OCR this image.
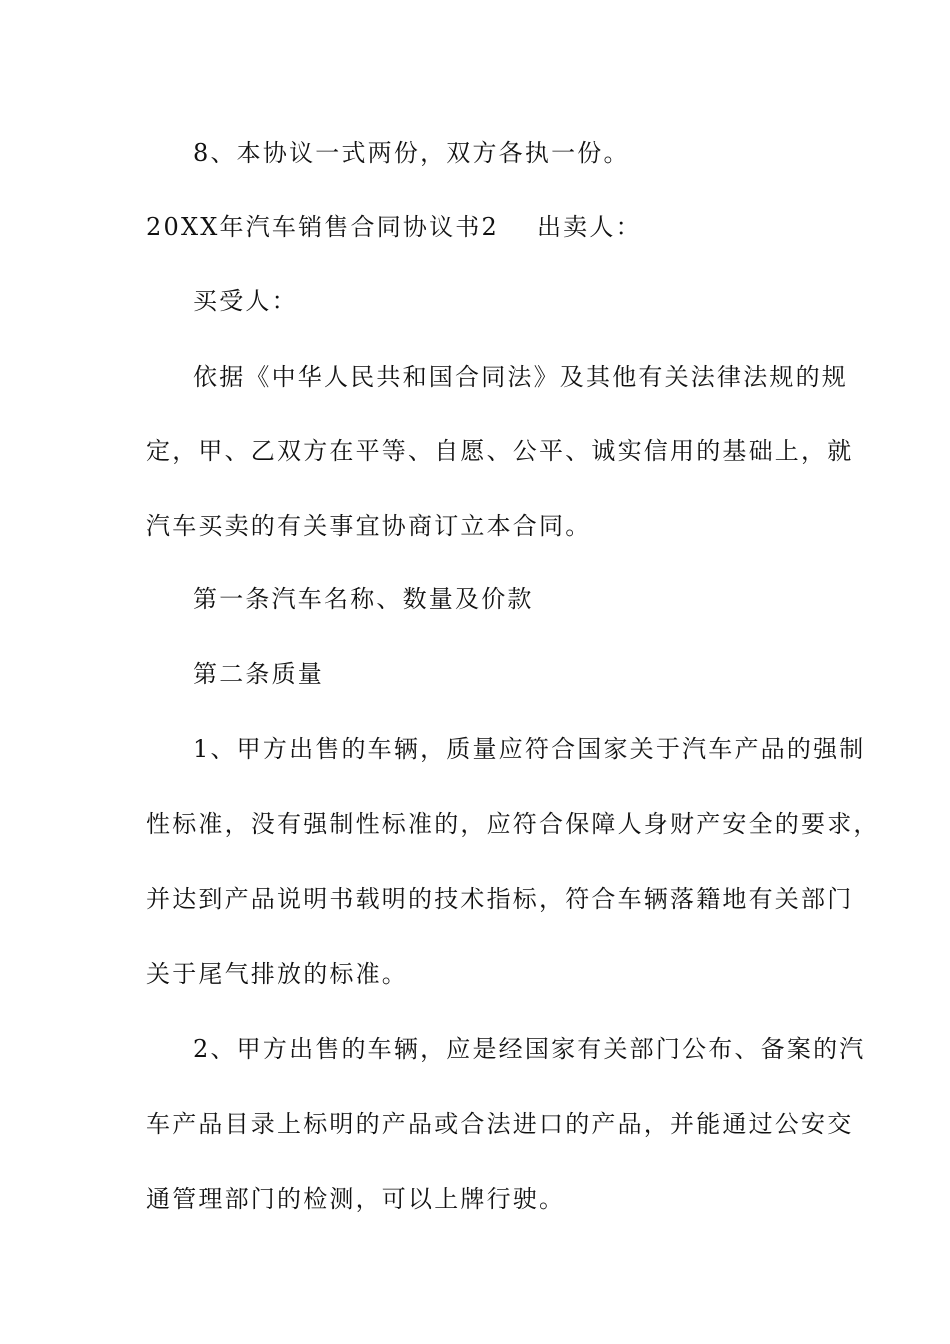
8、本协议一式两份，双方各执一份。
20XX年汽车销售合同协议书2 出卖人：
买受人：
依据《中华人民共和国合同法》及其他有关法律法规的规
定，甲、乙双方在平等、自愿、公平、诚实信用的基础上，就
汽车买卖的有关事宜协商订立本合同。
第一条汽车名称、数量及价款
第二条质量
1、甲方出售的车辆，质量应符合国家关于汽车产品的强制
性标准，没有强制性标准的，应符合保障人身财产安全的要求，
并达到产品说明书载明的技术指标，符合车辆落籍地有关部门
关于尾气排放的标准。
2、甲方出售的车辆，应是经国家有关部门公布、备案的汽
车产品目录上标明的产品或合法进口的产品，并能通过公安交
通管理部门的检测，可以上牌行驶。
